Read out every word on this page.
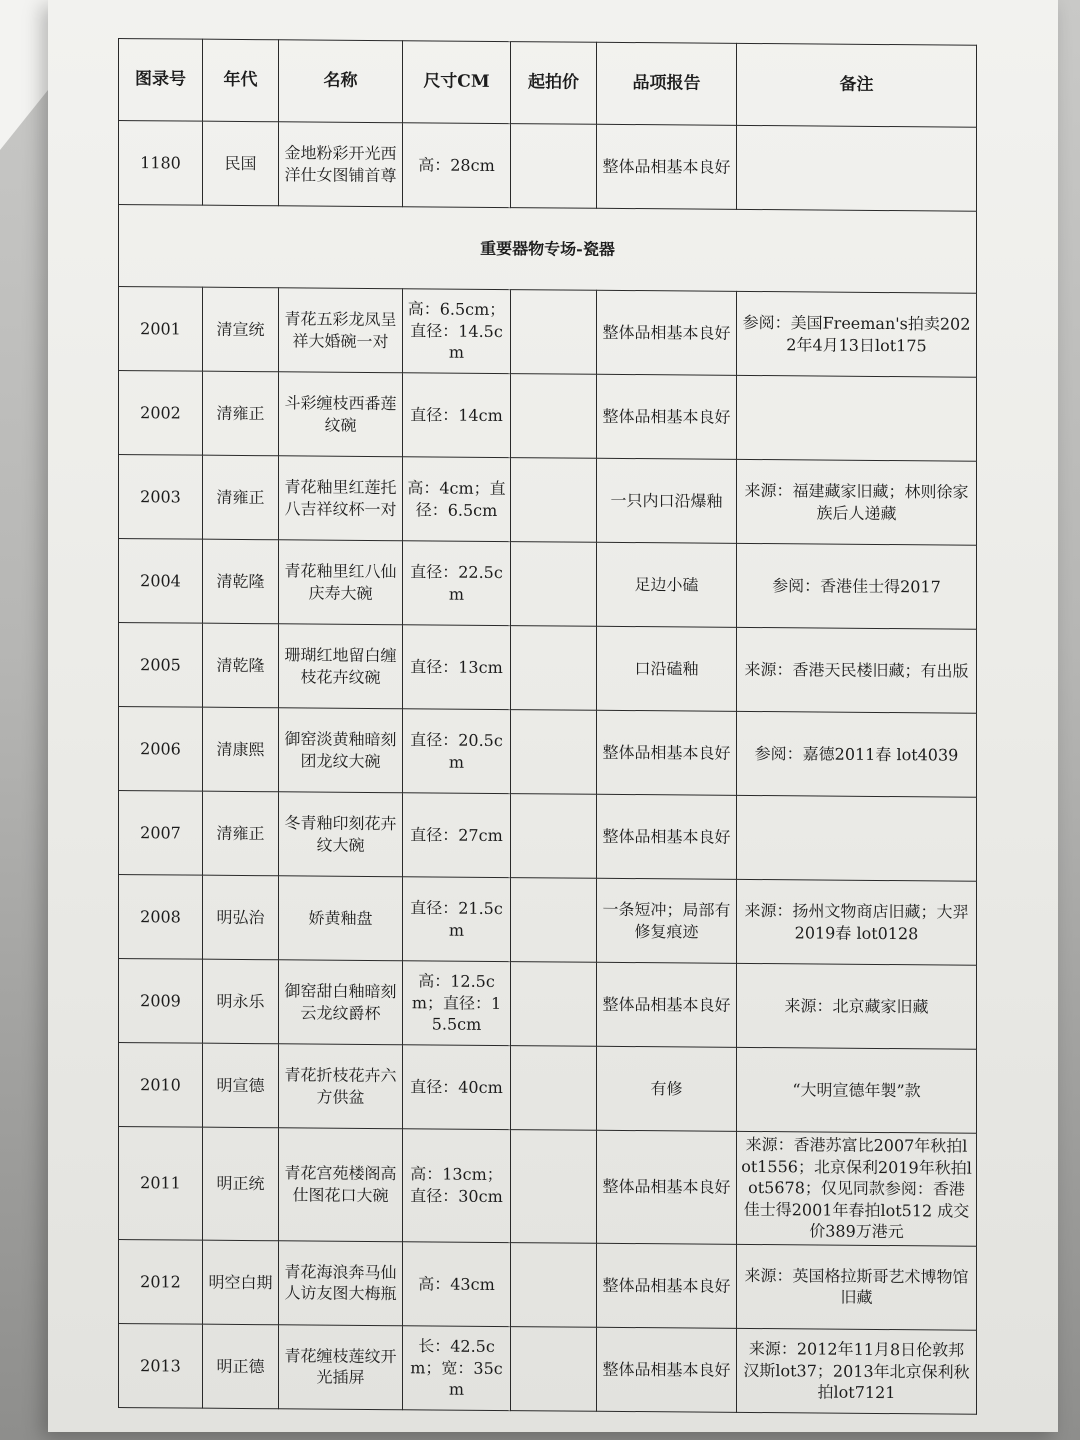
图录号	年代	名称	尺寸CM	起拍价	品项报告	备注
1180	民国	金地粉彩开光西洋仕女图铺首尊	高：28cm		整体品相基本良好	
重要器物专场-瓷器						
2001	清宣统	青花五彩龙凤呈祥大婚碗一对	高：6.5cm；直径：14.5cm		整体品相基本良好	参阅：美国Freeman's拍卖2022年4月13日lot175
2002	清雍正	斗彩缠枝西番莲纹碗	直径：14cm		整体品相基本良好	
2003	清雍正	青花釉里红莲托八吉祥纹杯一对	高：4cm；直径：6.5cm		一只内口沿爆釉	来源：福建藏家旧藏；林则徐家族后人递藏
2004	清乾隆	青花釉里红八仙庆寿大碗	直径：22.5cm		足边小磕	参阅：香港佳士得2017
2005	清乾隆	珊瑚红地留白缠枝花卉纹碗	直径：13cm		口沿磕釉	来源：香港天民楼旧藏；有出版
2006	清康熙	御窑淡黄釉暗刻团龙纹大碗	直径：20.5cm		整体品相基本良好	参阅：嘉德2011春 lot4039
2007	清雍正	冬青釉印刻花卉纹大碗	直径：27cm		整体品相基本良好	
2008	明弘治	娇黄釉盘	直径：21.5cm		一条短冲；局部有修复痕迹	来源：扬州文物商店旧藏；大羿2019春 lot0128
2009	明永乐	御窑甜白釉暗刻云龙纹爵杯	高：12.5cm；直径：15.5cm		整体品相基本良好	来源：北京藏家旧藏
2010	明宣德	青花折枝花卉六方供盆	直径：40cm		有修	“大明宣德年製”款
2011	明正统	青花宫苑楼阁高仕图花口大碗	高：13cm；直径：30cm		整体品相基本良好	来源：香港苏富比2007年秋拍lot1556；北京保利2019年秋拍lot5678；仅见同款参阅：香港佳士得2001年春拍lot512 成交价389万港元
2012	明空白期	青花海浪奔马仙人访友图大梅瓶	高：43cm		整体品相基本良好	来源：英国格拉斯哥艺术博物馆旧藏
2013	明正德	青花缠枝莲纹开光插屏	长：42.5cm；宽：35cm		整体品相基本良好	来源：2012年11月8日伦敦邦汉斯lot37；2013年北京保利秋拍lot7121
